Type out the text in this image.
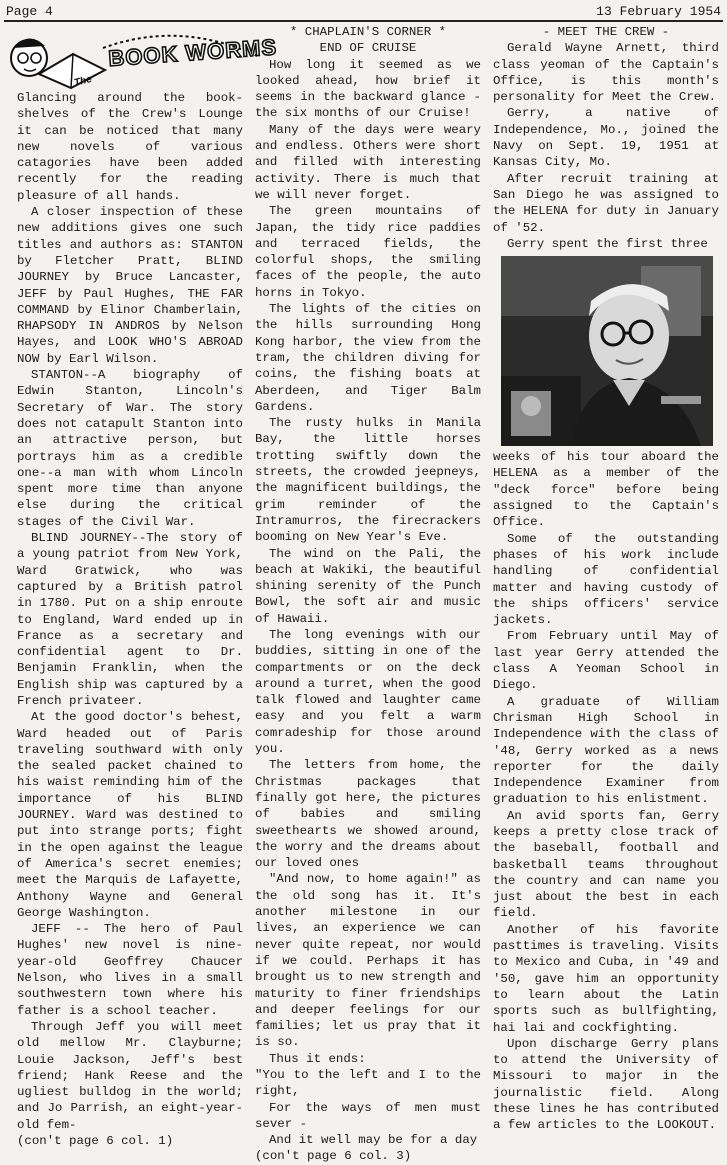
Page 4	13 February 1954
The
BOOK WORMS

Glancing around the book-shelves of the Crew's Lounge it can be noticed that many new novels of various catagories have been added recently for the reading pleasure of all hands.

A closer inspection of these new additions gives one such titles and authors as: STANTON by Fletcher Pratt, BLIND JOURNEY by Bruce Lancaster, JEFF by Paul Hughes, THE FAR COMMAND by Elinor Chamberlain, RHAPSODY IN ANDROS by Nelson Hayes, and LOOK WHO'S ABROAD NOW by Earl Wilson.

STANTON--A biography of Edwin Stanton, Lincoln's Secretary of War. The story does not catapult Stanton into an attractive person, but portrays him as a credible one--a man with whom Lincoln spent more time than anyone else during the critical stages of the Civil War.

BLIND JOURNEY--The story of a young patriot from New York, Ward Gratwick, who was captured by a British patrol in 1780. Put on a ship enroute to England, Ward ended up in France as a secretary and confidential agent to Dr. Benjamin Franklin, when the English ship was captured by a French privateer.

At the good doctor's behest, Ward headed out of Paris traveling southward with only the sealed packet chained to his waist reminding him of the importance of his BLIND JOURNEY. Ward was destined to put into strange ports; fight in the open against the league of America's secret enemies; meet the Marquis de Lafayette, Anthony Wayne and General George Washington.

JEFF -- The hero of Paul Hughes' new novel is nine-year-old Geoffrey Chaucer Nelson, who lives in a small southwestern town where his father is a school teacher.

Through Jeff you will meet old mellow Mr. Clayburne; Louie Jackson, Jeff's best friend; Hank Reese and the ugliest bulldog in the world; and Jo Parrish, an eight-year-old fem-

(con't page 6 col. 1)

* CHAPLAIN'S CORNER *

END OF CRUISE

How long it seemed as we looked ahead, how brief it seems in the backward glance - the six months of our Cruise!

Many of the days were weary and endless. Others were short and filled with interesting activity. There is much that we will never forget.

The green mountains of Japan, the tidy rice paddies and terraced fields, the colorful shops, the smiling faces of the people, the auto horns in Tokyo.

The lights of the cities on the hills surrounding Hong Kong harbor, the view from the tram, the children diving for coins, the fishing boats at Aberdeen, and Tiger Balm Gardens.

The rusty hulks in Manila Bay, the little horses trotting swiftly down the streets, the crowded jeepneys, the magnificent buildings, the grim reminder of the Intramurros, the firecrackers booming on New Year's Eve.

The wind on the Pali, the beach at Wakiki, the beautiful shining serenity of the Punch Bowl, the soft air and music of Hawaii.

The long evenings with our buddies, sitting in one of the compartments or on the deck around a turret, when the good talk flowed and laughter came easy and you felt a warm comradeship for those around you.

The letters from home, the Christmas packages that finally got here, the pictures of babies and smiling sweethearts we showed around, the worry and the dreams about our loved ones

"And now, to home again!" as the old song has it. It's another milestone in our lives, an experience we can never quite repeat, nor would if we could. Perhaps it has brought us to new strength and maturity to finer friendships and deeper feelings for our families; let us pray that it is so.

Thus it ends:

"You to the left and I to the right,

For the ways of men must sever -

And it well may be for a day

(con't page 6 col. 3)

- MEET THE CREW -

Gerald Wayne Arnett, third class yeoman of the Captain's Office, is this month's personality for Meet the Crew.

Gerry, a native of Independence, Mo., joined the Navy on Sept. 19, 1951 at Kansas City, Mo.

After recruit training at San Diego he was assigned to the HELENA for duty in January of '52.

Gerry spent the first three

weeks of his tour aboard the HELENA as a member of the "deck force" before being assigned to the Captain's Office.

Some of the outstanding phases of his work include handling of confidential matter and having custody of the ships officers' service jackets.

From February until May of last year Gerry attended the class A Yeoman School in Diego.

A graduate of William Chrisman High School in Independence with the class of '48, Gerry worked as a news reporter for the daily Independence Examiner from graduation to his enlistment.

An avid sports fan, Gerry keeps a pretty close track of the baseball, football and basketball teams throughout the country and can name you just about the best in each field.

Another of his favorite pasttimes is traveling. Visits to Mexico and Cuba, in '49 and '50, gave him an opportunity to learn about the Latin sports such as bullfighting, hai lai and cockfighting.

Upon discharge Gerry plans to attend the University of Missouri to major in the journalistic field. Along these lines he has contributed a few articles to the LOOKOUT.
